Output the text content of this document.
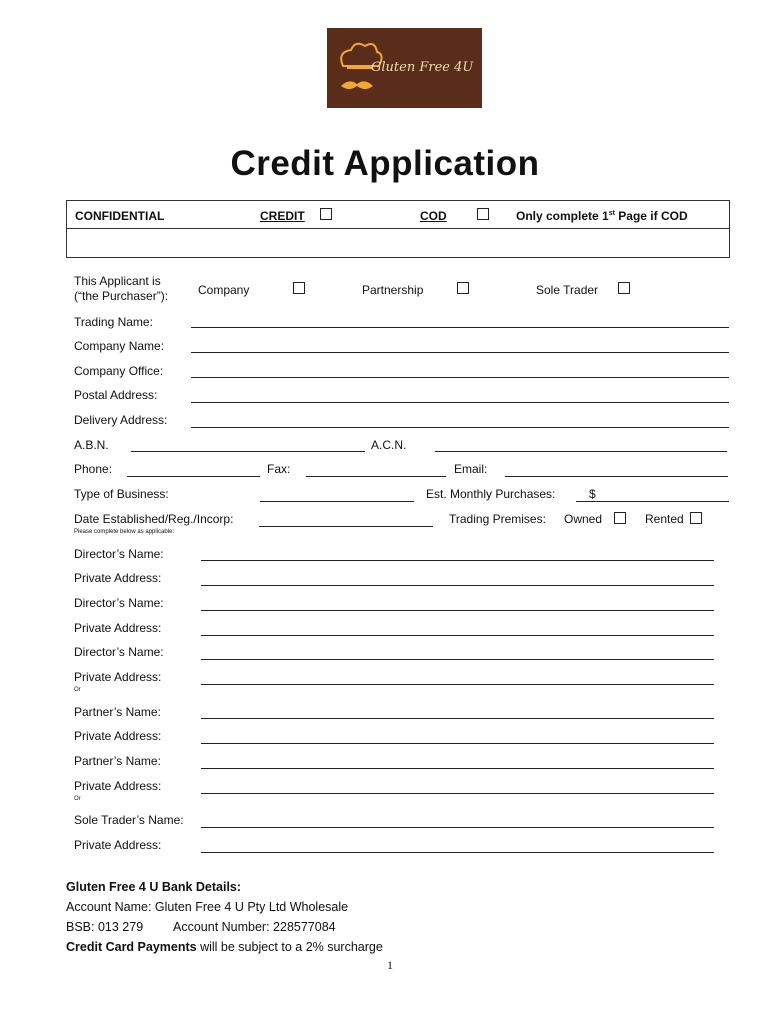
Gluten Free 4U
Credit Application
CONFIDENTIAL	CREDIT	COD	Only complete 1st Page if COD
This Applicant is
(“the Purchaser”): Company	Partnership	Sole Trader
Trading Name:
Company Name:
Company Office:
Postal Address:
Delivery Address:
A.B.N.	A.C.N.
Phone:	Fax:	Email:
Type of Business:	Est. Monthly Purchases:	$
Date Established/Reg./Incorp:	Trading Premises: Owned	Rented
Please complete below as applicable:
Director’s Name:
Private Address:
Director’s Name:
Private Address:
Director’s Name:
Private Address:
Or
Partner’s Name:
Private Address:
Partner’s Name:
Private Address:
Or
Sole Trader’s Name:
Private Address:
Gluten Free 4 U Bank Details:
Account Name: Gluten Free 4 U Pty Ltd Wholesale
BSB: 013 279 Account Number: 228577084
Credit Card Payments will be subject to a 2% surcharge
1
